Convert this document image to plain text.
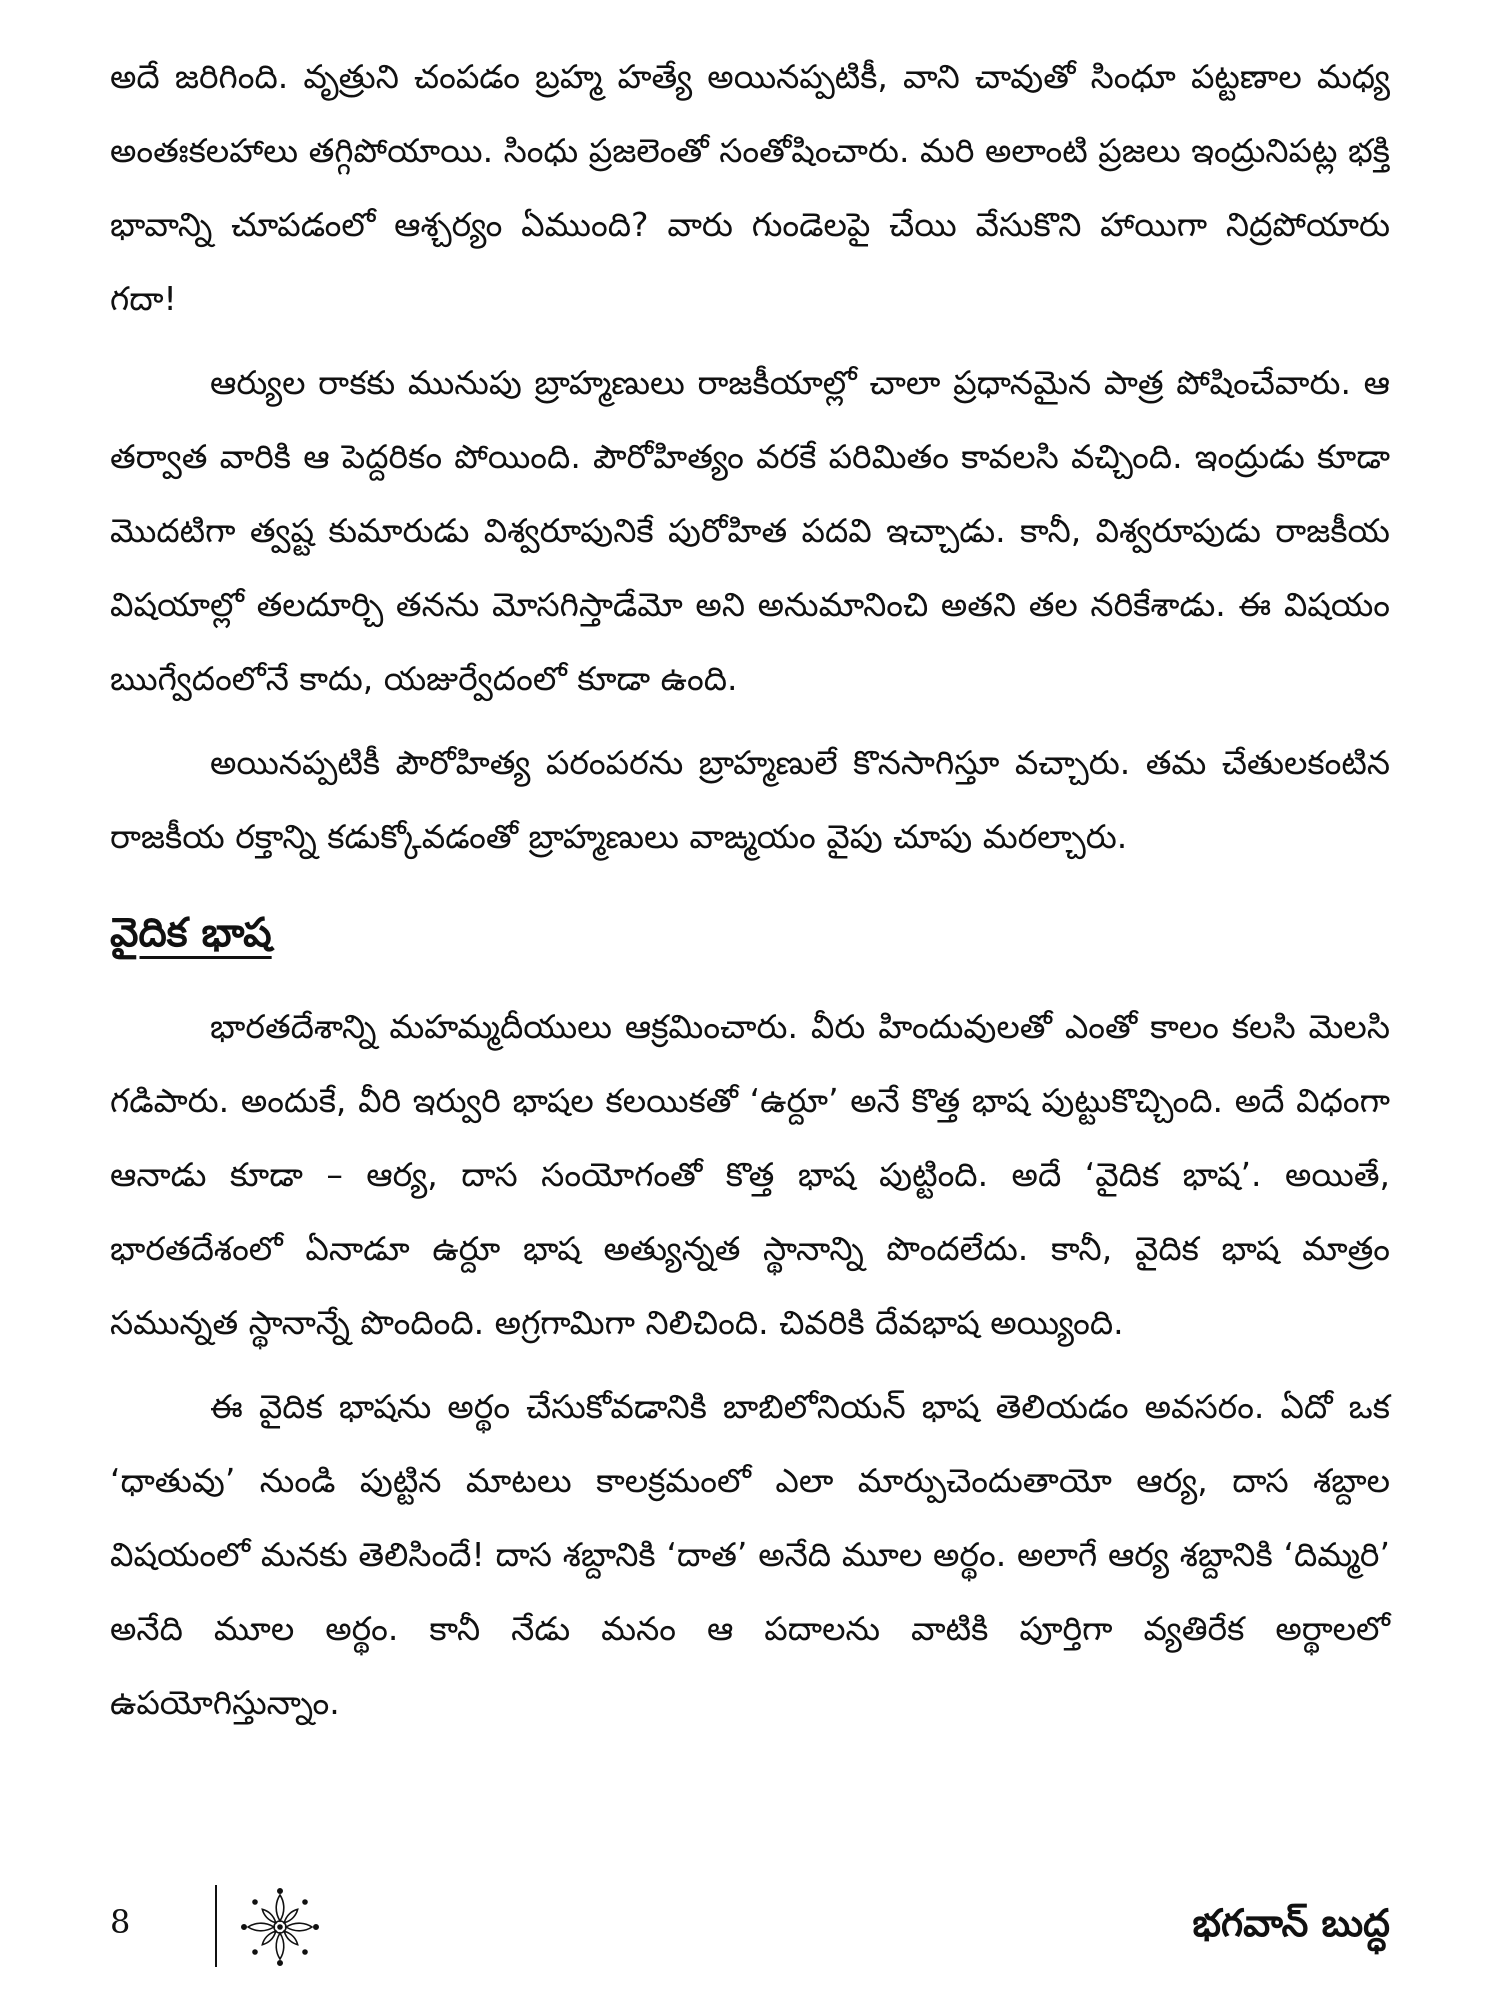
అదే జరిగింది. వృత్రుని చంపడం బ్రహ్మ హత్యే అయినప్పటికీ, వాని చావుతో సింధూ పట్టణాల మధ్య అంతఃకలహాలు తగ్గిపోయాయి. సింధు ప్రజలెంతో సంతోషించారు. మరి అలాంటి ప్రజలు ఇంద్రునిపట్ల భక్తి భావాన్ని చూపడంలో ఆశ్చర్యం ఏముంది? వారు గుండెలపై చేయి వేసుకొని హాయిగా నిద్రపోయారు గదా!

ఆర్యుల రాకకు మునుపు బ్రాహ్మణులు రాజకీయాల్లో చాలా ప్రధానమైన పాత్ర పోషించేవారు. ఆ తర్వాత వారికి ఆ పెద్దరికం పోయింది. పౌరోహిత్యం వరకే పరిమితం కావలసి వచ్చింది. ఇంద్రుడు కూడా మొదటిగా త్వష్ట కుమారుడు విశ్వరూపునికే పురోహిత పదవి ఇచ్చాడు. కానీ, విశ్వరూపుడు రాజకీయ విషయాల్లో తలదూర్చి తనను మోసగిస్తాడేమో అని అనుమానించి అతని తల నరికేశాడు. ఈ విషయం ఋగ్వేదంలోనే కాదు, యజుర్వేదంలో కూడా ఉంది.

అయినప్పటికీ పౌరోహిత్య పరంపరను బ్రాహ్మణులే కొనసాగిస్తూ వచ్చారు. తమ చేతులకంటిన రాజకీయ రక్తాన్ని కడుక్కోవడంతో బ్రాహ్మణులు వాఙ్మయం వైపు చూపు మరల్చారు.

వైదిక భాష

భారతదేశాన్ని మహమ్మదీయులు ఆక్రమించారు. వీరు హిందువులతో ఎంతో కాలం కలసి మెలసి గడిపారు. అందుకే, వీరి ఇర్వురి భాషల కలయికతో ‘ఉర్దూ’ అనే కొత్త భాష పుట్టుకొచ్చింది. అదే విధంగా ఆనాడు కూడా – ఆర్య, దాస సంయోగంతో కొత్త భాష పుట్టింది. అదే ‘వైదిక భాష’. అయితే, భారతదేశంలో ఏనాడూ ఉర్దూ భాష అత్యున్నత స్థానాన్ని పొందలేదు. కానీ, వైదిక భాష మాత్రం సమున్నత స్థానాన్నే పొందింది. అగ్రగామిగా నిలిచింది. చివరికి దేవభాష అయ్యింది.

ఈ వైదిక భాషను అర్థం చేసుకోవడానికి బాబిలోనియన్ భాష తెలియడం అవసరం. ఏదో ఒక ‘ధాతువు’ నుండి పుట్టిన మాటలు కాలక్రమంలో ఎలా మార్పుచెందుతాయో ఆర్య, దాస శబ్దాల విషయంలో మనకు తెలిసిందే! దాస శబ్దానికి ‘దాత’ అనేది మూల అర్థం. అలాగే ఆర్య శబ్దానికి ‘దిమ్మరి’ అనేది మూల అర్థం. కానీ నేడు మనం ఆ పదాలను వాటికి పూర్తిగా వ్యతిరేక అర్థాలలో ఉపయోగిస్తున్నాం.

8	భగవాన్ బుద్ధ
